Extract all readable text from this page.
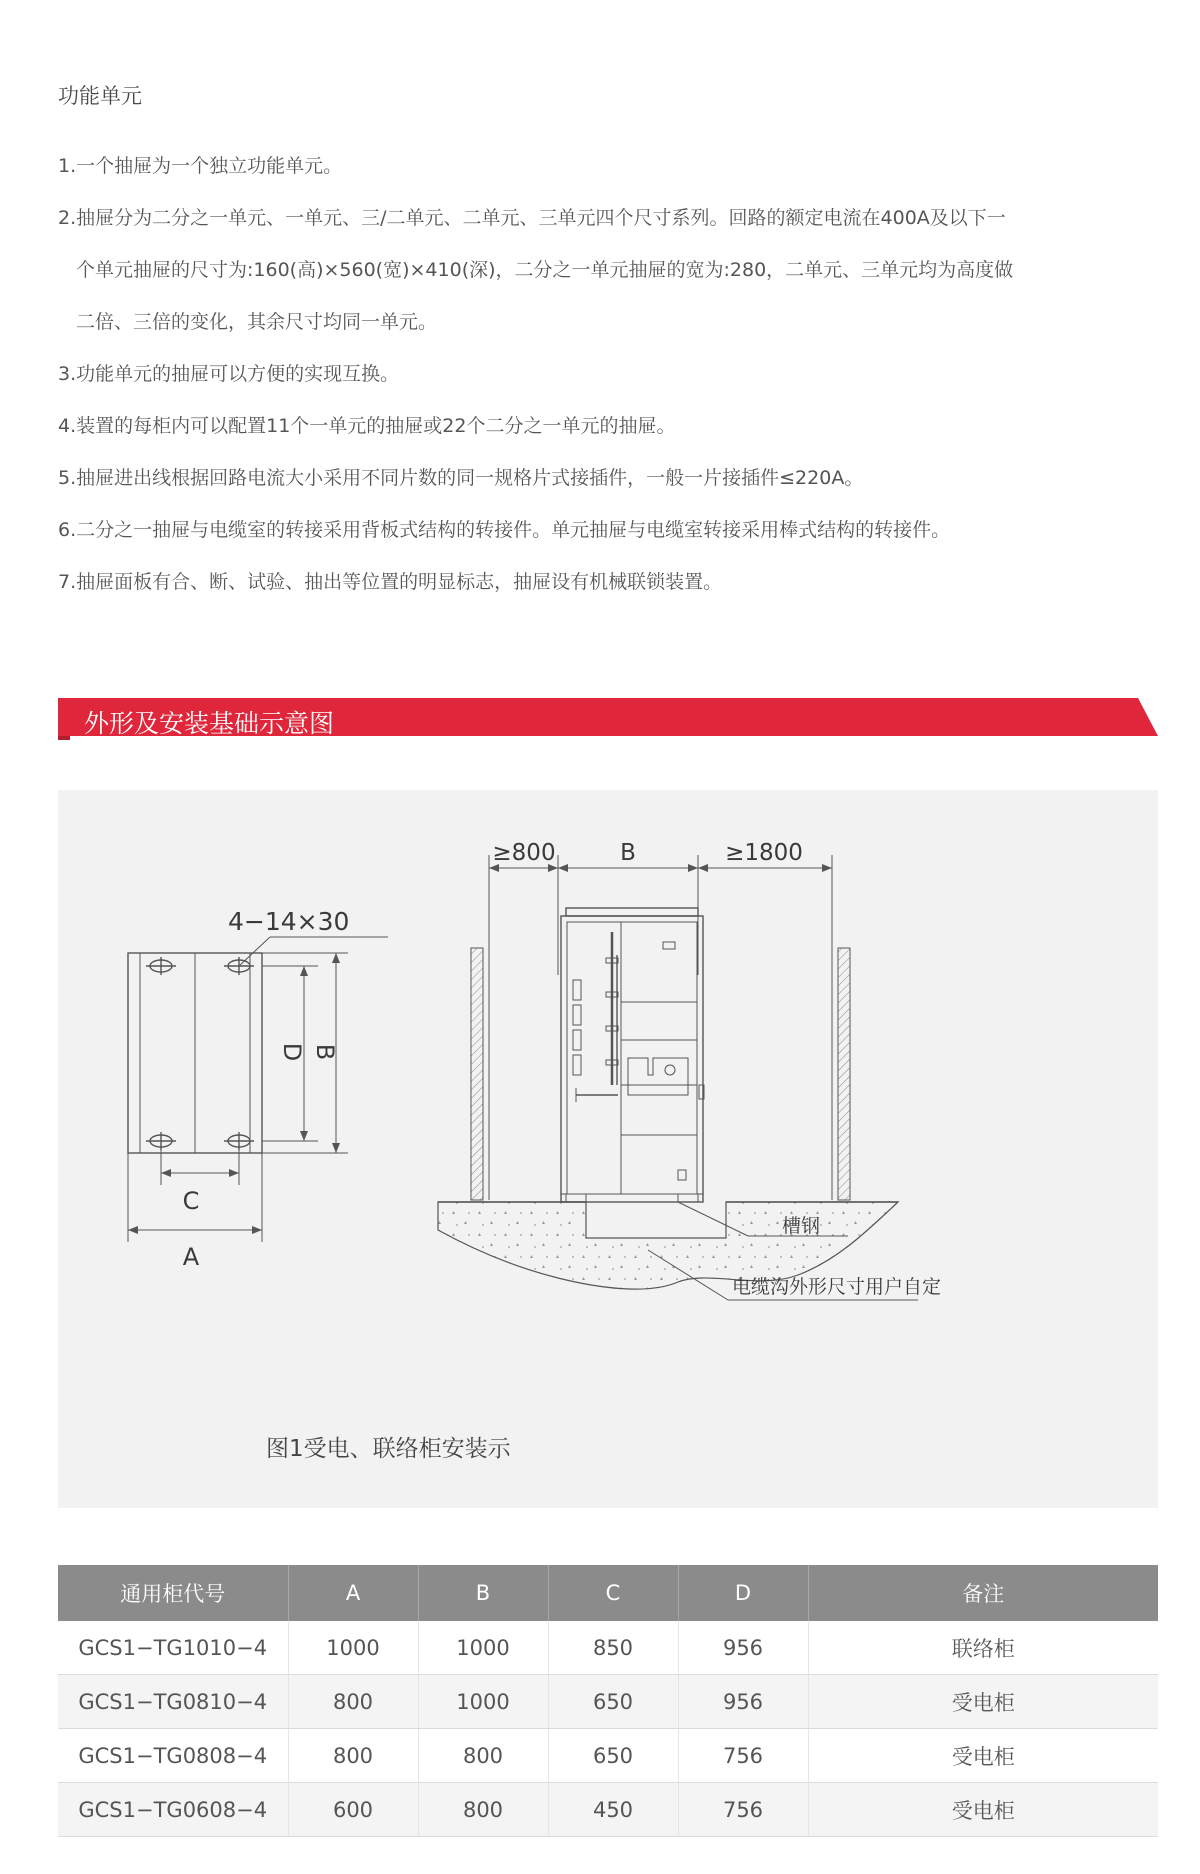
功能单元
1.一个抽屉为一个独立功能单元。
2.抽屉分为二分之一单元、一单元、三/二单元、二单元、三单元四个尺寸系列。回路的额定电流在400A及以下一
个单元抽屉的尺寸为:160(高)×560(宽)×410(深)，二分之一单元抽屉的宽为:280，二单元、三单元均为高度做
二倍、三倍的变化，其余尺寸均同一单元。
3.功能单元的抽屉可以方便的实现互换。
4.装置的每柜内可以配置11个一单元的抽屉或22个二分之一单元的抽屉。
5.抽屉进出线根据回路电流大小采用不同片数的同一规格片式接插件，一般一片接插件≤220A。
6.二分之一抽屉与电缆室的转接采用背板式结构的转接件。单元抽屉与电缆室转接采用棒式结构的转接件。
7.抽屉面板有合、断、试验、抽出等位置的明显标志，抽屉设有机械联锁装置。
外形及安装基础示意图
4−14×30
C
A
D B
≥800	B	≥1800
槽钢
电缆沟外形尺寸用户自定
图1受电、联络柜安装示
通用柜代号	A	B	C	D	备注
GCS1−TG1010−4	1000	1000	850	956	联络柜
GCS1−TG0810−4	800	1000	650	956	受电柜
GCS1−TG0808−4	800	800	650	756	受电柜
GCS1−TG0608−4	600	800	450	756	受电柜
